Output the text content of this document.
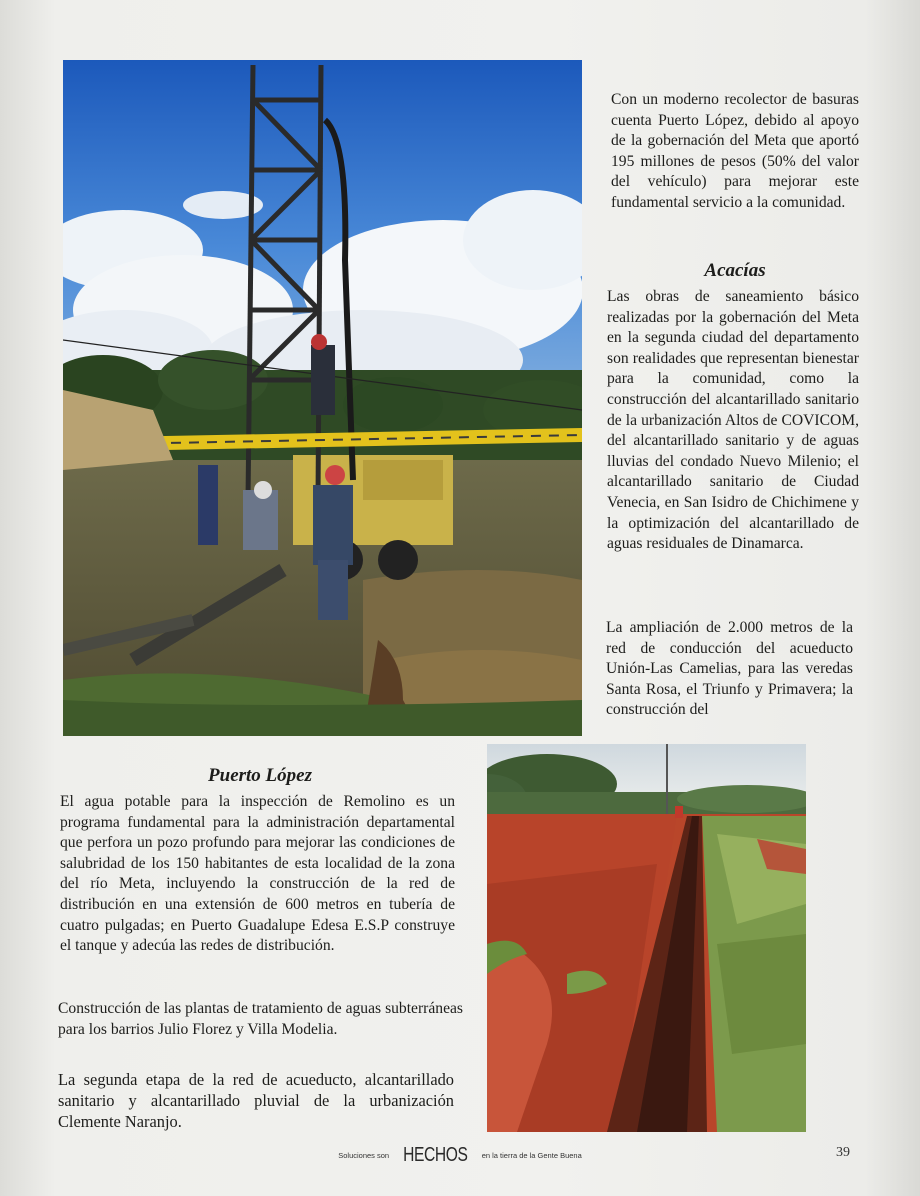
Con un moderno recolector de basuras cuenta Puerto López, debido al apoyo de la gobernación del Meta que aportó 195 millones de pesos (50% del valor del vehículo) para mejorar este fundamental servicio a la comunidad.

Acacías

Las obras de saneamiento básico realizadas por la gobernación del Meta en la segunda ciudad del departamento son realidades que representan bienestar para la comunidad, como la construcción del alcantarillado sanitario de la urbanización Altos de COVICOM, del alcantarillado sanitario y de aguas lluvias del condado Nuevo Milenio; el alcantarillado sanitario de Ciudad Venecia, en San Isidro de Chichimene y la optimización del alcantarillado de aguas residuales de Dinamarca.

La ampliación de 2.000 metros de la red de conducción del acueducto Unión-Las Camelias, para las veredas Santa Rosa, el Triunfo y Primavera; la construcción del

Puerto López

El agua potable para la inspección de Remolino es un programa fundamental para la administración departamental que perfora un pozo profundo para mejorar las condiciones de salubridad de los 150 habitantes de esta localidad de la zona del río Meta, incluyendo la construcción de la red de distribución en una extensión de 600 metros en tubería de cuatro pulgadas; en Puerto Guadalupe Edesa E.S.P construye el tanque y adecúa las redes de distribución.

Construcción de las plantas de tratamiento de aguas subterráneas para los barrios Julio Florez y Villa Modelia.

La segunda etapa de la red de acueducto, alcantarillado sanitario y alcantarillado pluvial de la urbanización Clemente Naranjo.

Soluciones son HECHOS en la tierra de la Gente Buena	39
